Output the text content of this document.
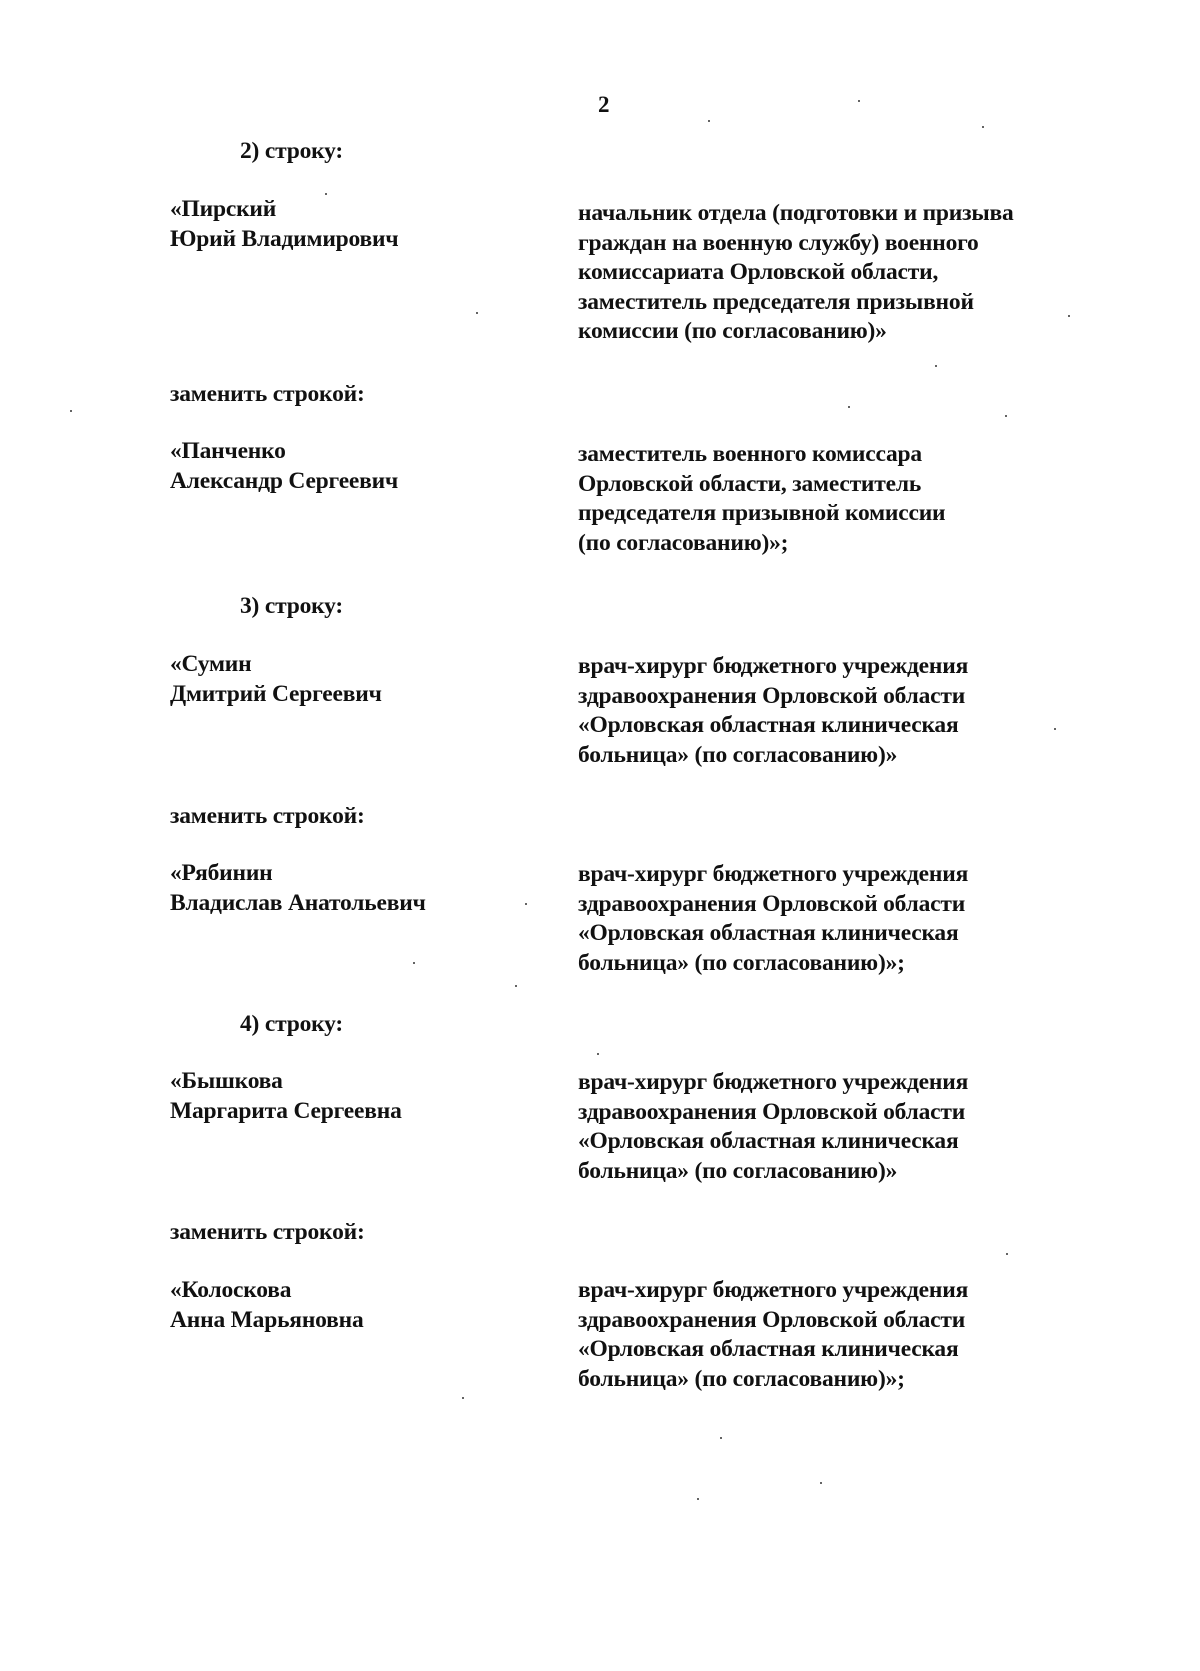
2
2) строку:
«Пирский
Юрий Владимирович
начальник отдела (подготовки и призыва
граждан на военную службу) военного
комиссариата Орловской области,
заместитель председателя призывной
комиссии (по согласованию)»
заменить строкой:
«Панченко
Александр Сергеевич
заместитель военного комиссара
Орловской области, заместитель
председателя призывной комиссии
(по согласованию)»;
3) строку:
«Сумин
Дмитрий Сергеевич
врач-хирург бюджетного учреждения
здравоохранения Орловской области
«Орловская областная клиническая
больница» (по согласованию)»
заменить строкой:
«Рябинин
Владислав Анатольевич
врач-хирург бюджетного учреждения
здравоохранения Орловской области
«Орловская областная клиническая
больница» (по согласованию)»;
4) строку:
«Бышкова
Маргарита Сергеевна
врач-хирург бюджетного учреждения
здравоохранения Орловской области
«Орловская областная клиническая
больница» (по согласованию)»
заменить строкой:
«Колоскова
Анна Марьяновна
врач-хирург бюджетного учреждения
здравоохранения Орловской области
«Орловская областная клиническая
больница» (по согласованию)»;
